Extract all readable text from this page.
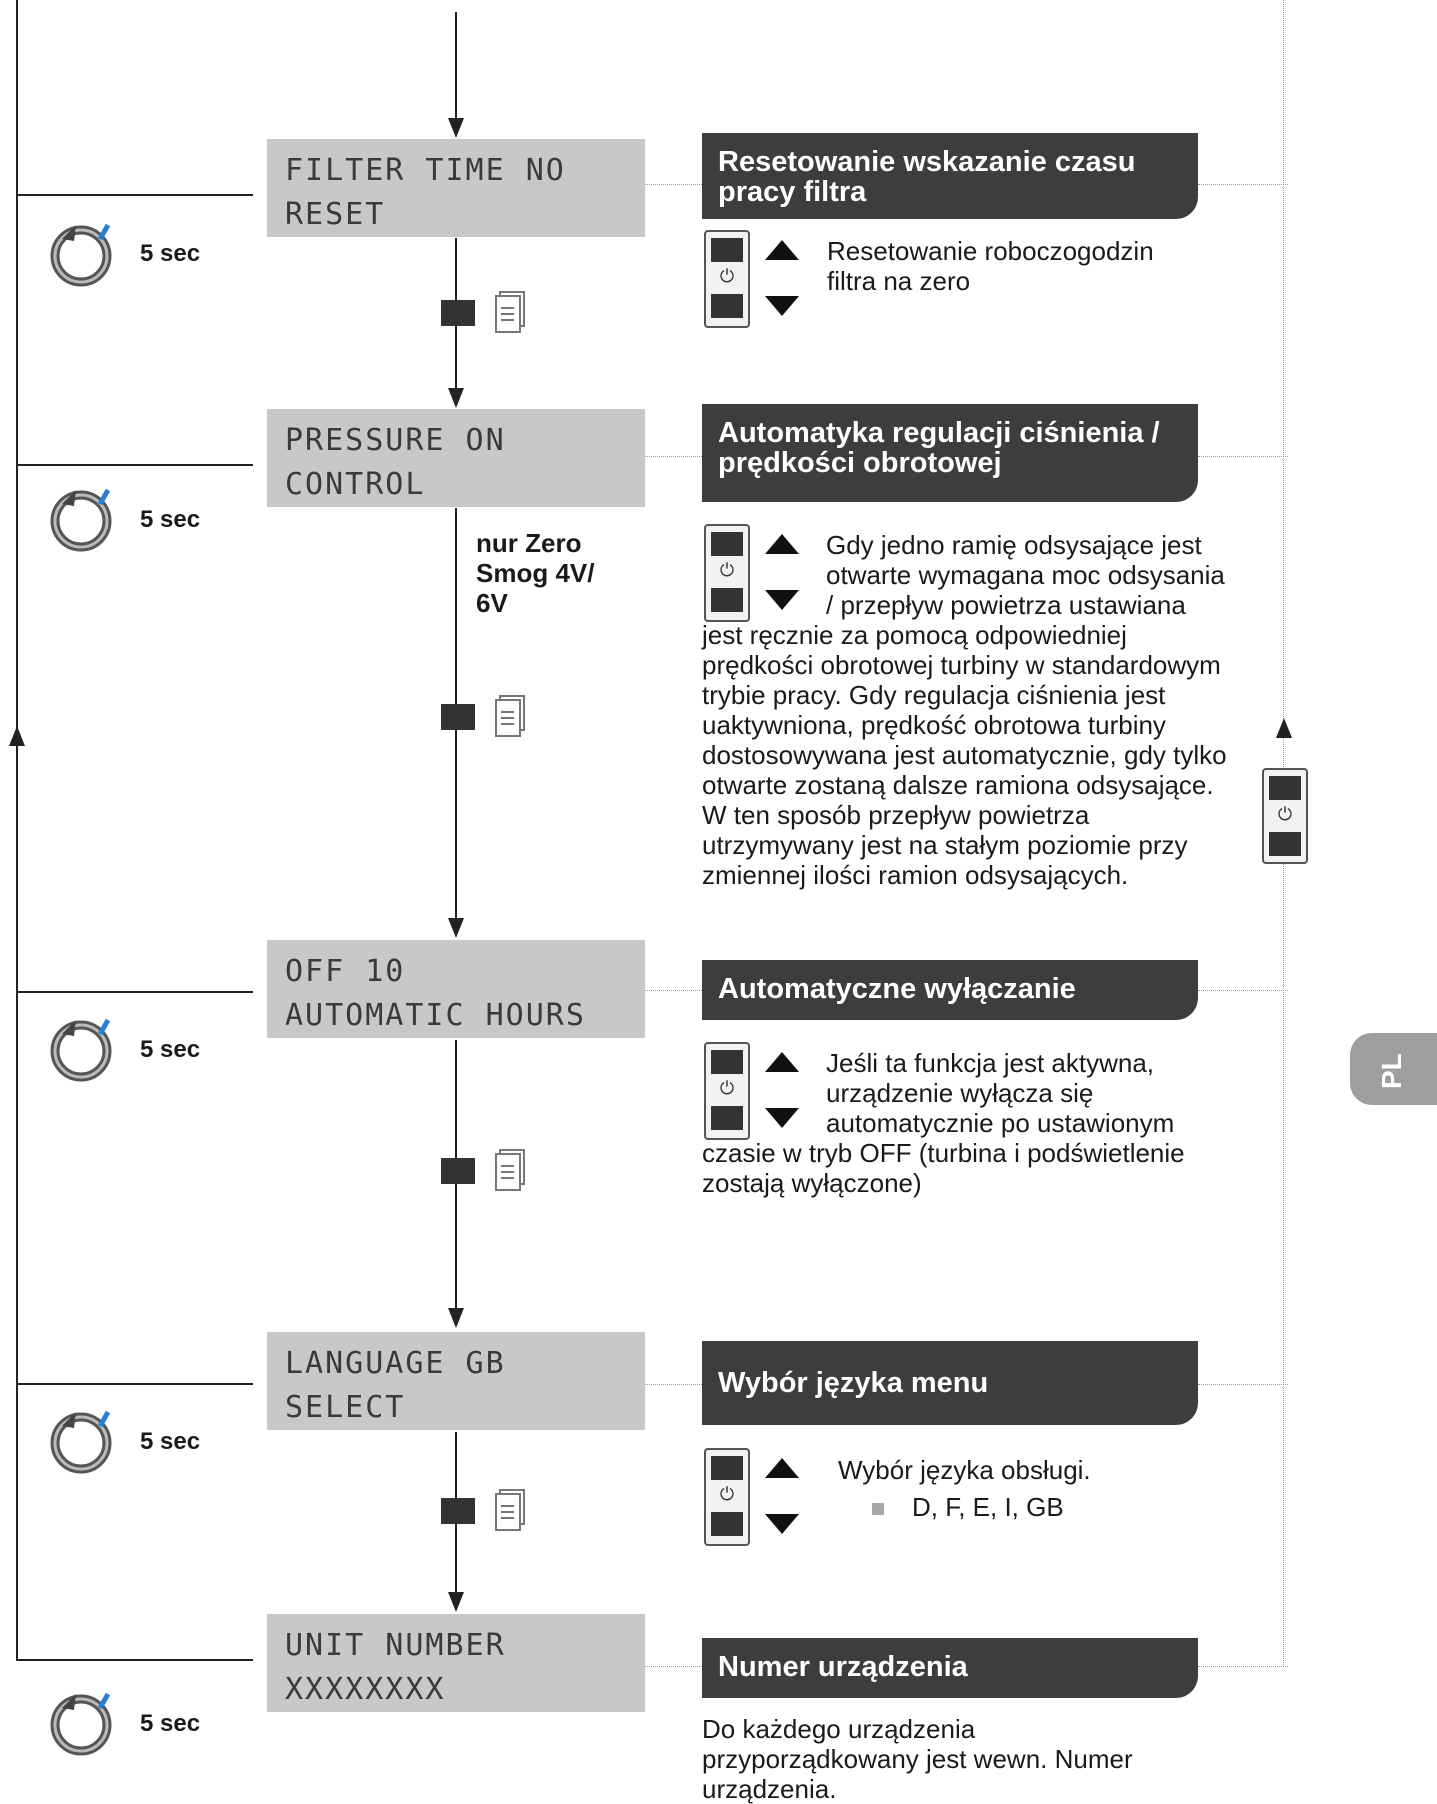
⏻
PL
FILTER TIME NO
RESET
5 sec
Resetowanie wskazanie czasu pracy filtra
⏻
Resetowanie roboczogodzin filtra na zero
PRESSURE ON
CONTROL
5 sec
nur Zero Smog 4V/ 6V
Automatyka regulacji ciśnienia / prędkości obrotowej
⏻
Gdy jedno ramię odsysające jest otwarte wymagana moc odsysania / przepływ powietrza ustawiana jest ręcznie za pomocą odpowiedniej prędkości obrotowej turbiny w standardowym trybie pracy. Gdy regulacja ciśnienia jest uaktywniona, prędkość obrotowa turbiny dostosowywana jest automatycznie, gdy tylko otwarte zostaną dalsze ramiona odsysające. W ten sposób przepływ powietrza utrzymywany jest na stałym poziomie przy zmiennej ilości ramion odsysających.
OFF 10
AUTOMATIC HOURS
5 sec
Automatyczne wyłączanie
⏻
Jeśli ta funkcja jest aktywna, urządzenie wyłącza się automatycznie po ustawionym czasie w tryb OFF (turbina i podświetlenie zostają wyłączone)
LANGUAGE GB
SELECT
5 sec
Wybór języka menu
⏻
Wybór języka obsługi.
D, F, E, I, GB
UNIT NUMBER
XXXXXXXX
5 sec
Numer urządzenia
Do każdego urządzenia przyporządkowany jest wewn. Numer urządzenia.
